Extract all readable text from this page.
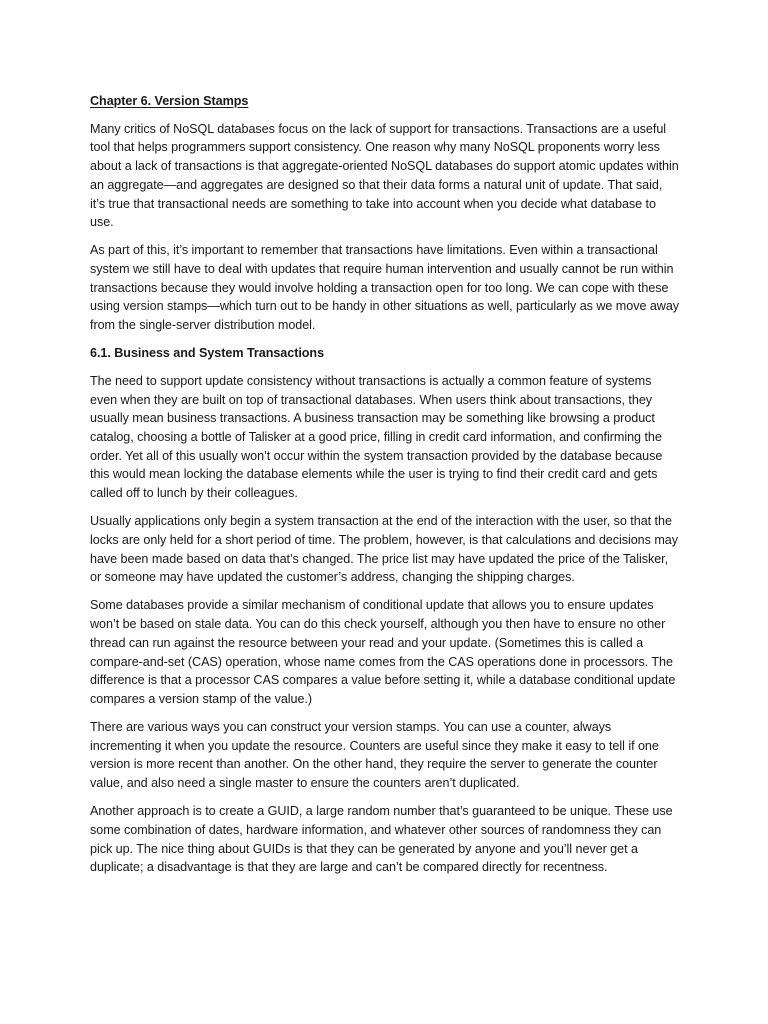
Chapter 6. Version Stamps

Many critics of NoSQL databases focus on the lack of support for transactions. Transactions are a useful tool that helps programmers support consistency. One reason why many NoSQL proponents worry less about a lack of transactions is that aggregate-oriented NoSQL databases do support atomic updates within an aggregate—and aggregates are designed so that their data forms a natural unit of update. That said, it’s true that transactional needs are something to take into account when you decide what database to use.

As part of this, it’s important to remember that transactions have limitations. Even within a transactional system we still have to deal with updates that require human intervention and usually cannot be run within transactions because they would involve holding a transaction open for too long. We can cope with these using version stamps—which turn out to be handy in other situations as well, particularly as we move away from the single-server distribution model.

6.1. Business and System Transactions

The need to support update consistency without transactions is actually a common feature of systems even when they are built on top of transactional databases. When users think about transactions, they usually mean business transactions. A business transaction may be something like browsing a product catalog, choosing a bottle of Talisker at a good price, filling in credit card information, and confirming the order. Yet all of this usually won’t occur within the system transaction provided by the database because this would mean locking the database elements while the user is trying to find their credit card and gets called off to lunch by their colleagues.

Usually applications only begin a system transaction at the end of the interaction with the user, so that the locks are only held for a short period of time. The problem, however, is that calculations and decisions may have been made based on data that’s changed. The price list may have updated the price of the Talisker, or someone may have updated the customer’s address, changing the shipping charges.

Some databases provide a similar mechanism of conditional update that allows you to ensure updates won’t be based on stale data. You can do this check yourself, although you then have to ensure no other thread can run against the resource between your read and your update. (Sometimes this is called a compare-and-set (CAS) operation, whose name comes from the CAS operations done in processors. The difference is that a processor CAS compares a value before setting it, while a database conditional update compares a version stamp of the value.)

There are various ways you can construct your version stamps. You can use a counter, always incrementing it when you update the resource. Counters are useful since they make it easy to tell if one version is more recent than another. On the other hand, they require the server to generate the counter value, and also need a single master to ensure the counters aren’t duplicated.

Another approach is to create a GUID, a large random number that’s guaranteed to be unique. These use some combination of dates, hardware information, and whatever other sources of randomness they can pick up. The nice thing about GUIDs is that they can be generated by anyone and you’ll never get a duplicate; a disadvantage is that they are large and can’t be compared directly for recentness.
